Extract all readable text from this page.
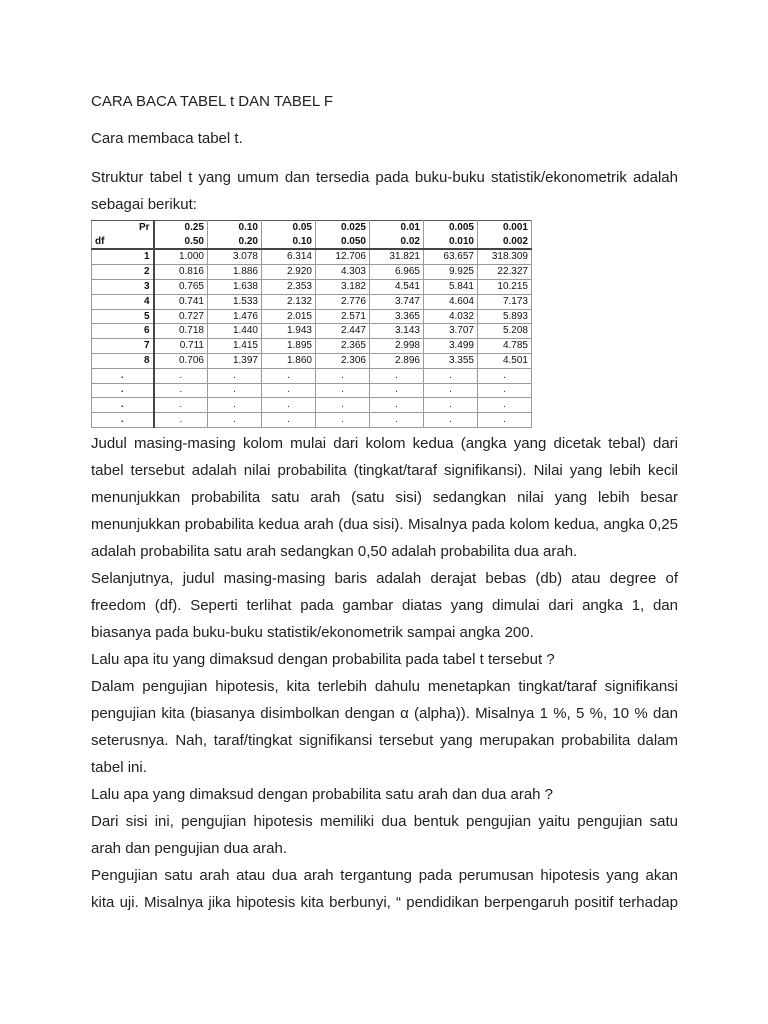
CARA BACA TABEL t DAN TABEL F
Cara membaca tabel t.
Struktur tabel t yang umum dan tersedia pada buku-buku statistik/ekonometrik adalah
sebagai berikut:
Pr	0.25	0.10	0.05	0.025	0.01	0.005	0.001
df	0.50	0.20	0.10	0.050	0.02	0.010	0.002
1	1.000	3.078	6.314	12.706	31.821	63.657	318.309
2	0.816	1.886	2.920	4.303	6.965	9.925	22.327
3	0.765	1.638	2.353	3.182	4.541	5.841	10.215
4	0.741	1.533	2.132	2.776	3.747	4.604	7.173
5	0.727	1.476	2.015	2.571	3.365	4.032	5.893
6	0.718	1.440	1.943	2.447	3.143	3.707	5.208
7	0.711	1.415	1.895	2.365	2.998	3.499	4.785
8	0.706	1.397	1.860	2.306	2.896	3.355	4.501
.	.	.	.	.	.	.	.
.	.	.	.	.	.	.	.
.	.	.	.	.	.	.	.
.	.	.	.	.	.	.	.
Judul masing-masing kolom mulai dari kolom kedua (angka yang dicetak tebal) dari
tabel tersebut adalah nilai probabilita (tingkat/taraf signifikansi). Nilai yang lebih kecil
menunjukkan probabilita satu arah (satu sisi) sedangkan nilai yang lebih besar
menunjukkan probabilita kedua arah (dua sisi). Misalnya pada kolom kedua, angka 0,25
adalah probabilita satu arah sedangkan 0,50 adalah probabilita dua arah.
Selanjutnya, judul masing-masing baris adalah derajat bebas (db) atau degree of
freedom (df). Seperti terlihat pada gambar diatas yang dimulai dari angka 1, dan
biasanya pada buku-buku statistik/ekonometrik sampai angka 200.
Lalu apa itu yang dimaksud dengan probabilita pada tabel t tersebut ?
Dalam pengujian hipotesis, kita terlebih dahulu menetapkan tingkat/taraf signifikansi
pengujian kita (biasanya disimbolkan dengan α (alpha)). Misalnya 1 %, 5 %, 10 % dan
seterusnya. Nah, taraf/tingkat signifikansi tersebut yang merupakan probabilita dalam
tabel ini.
Lalu apa yang dimaksud dengan probabilita satu arah dan dua arah ?
Dari sisi ini, pengujian hipotesis memiliki dua bentuk pengujian yaitu pengujian satu
arah dan pengujian dua arah.
Pengujian satu arah atau dua arah tergantung pada perumusan hipotesis yang akan
kita uji. Misalnya jika hipotesis kita berbunyi, “ pendidikan berpengaruh positif terhadap
